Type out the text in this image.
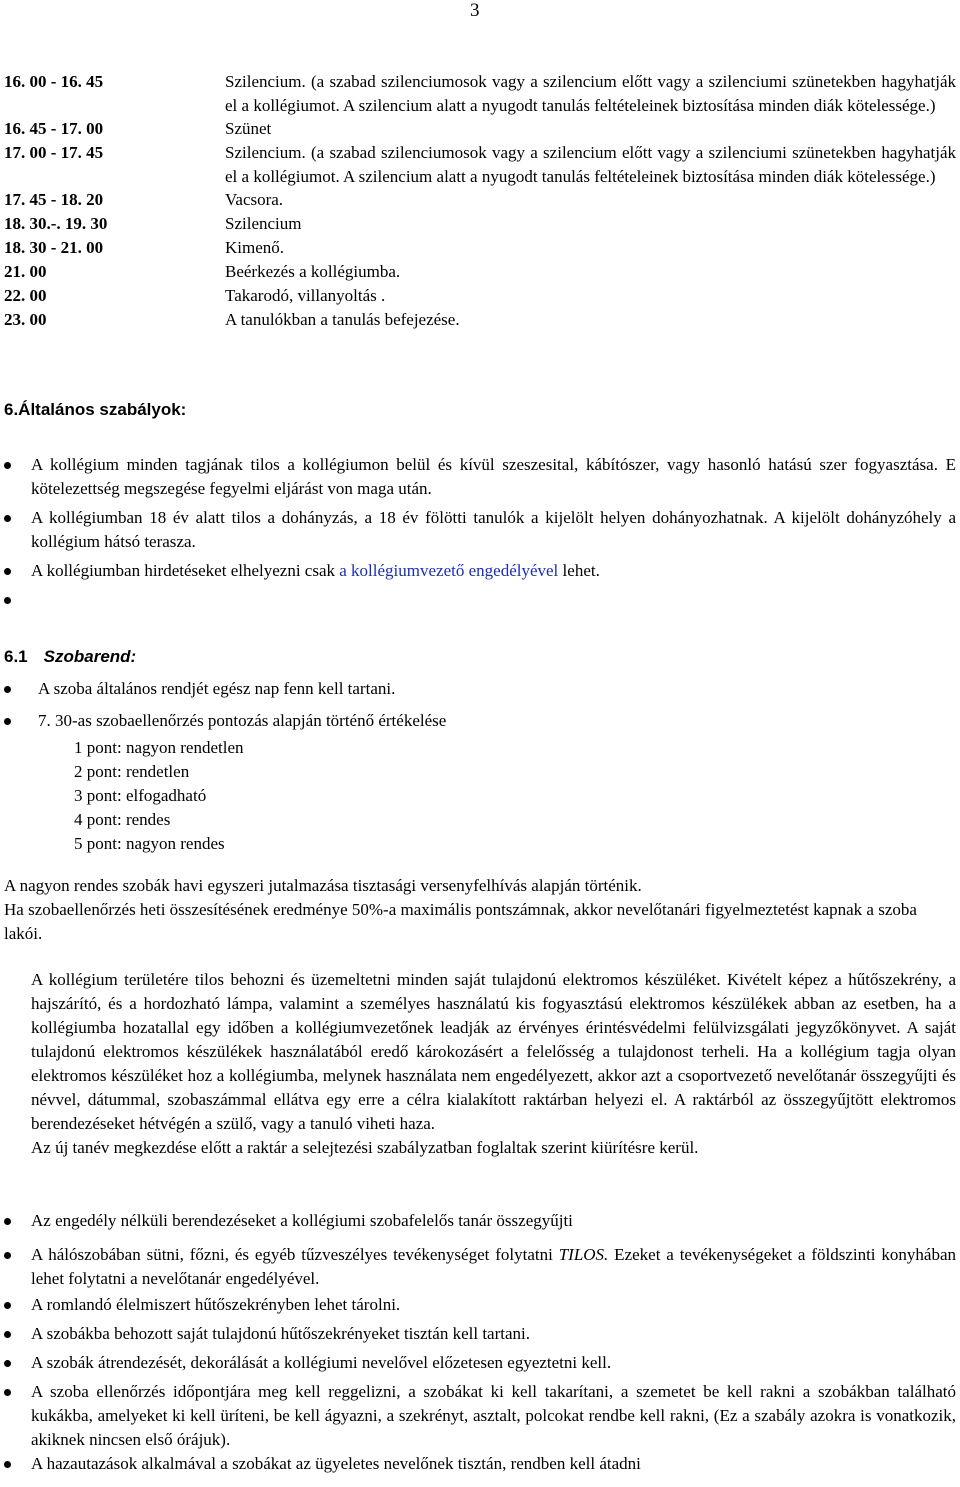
3
16. 00 - 16. 45	Szilencium. (a szabad szilenciumosok vagy a szilencium előtt vagy a szilenciumi szünetekben hagyhatják el a kollégiumot. A szilencium alatt a nyugodt tanulás feltételeinek biztosítása minden diák kötelessége.)
16. 45 - 17. 00	Szünet
17. 00 - 17. 45	Szilencium. (a szabad szilenciumosok vagy a szilencium előtt vagy a szilenciumi szünetekben hagyhatják el a kollégiumot. A szilencium alatt a nyugodt tanulás feltételeinek biztosítása minden diák kötelessége.)
17. 45 - 18. 20	Vacsora.
18. 30.-. 19. 30	Szilencium
18. 30 - 21. 00	Kimenő.
21. 00	Beérkezés a kollégiumba.
22. 00	Takarodó, villanyoltás .
23. 00	A tanulókban a tanulás befejezése.
6.Általános szabályok:
A kollégium minden tagjának tilos a kollégiumon belül és kívül szeszesital, kábítószer, vagy hasonló hatású szer fogyasztása. E kötelezettség megszegése fegyelmi eljárást von maga után.
A kollégiumban 18 év alatt tilos a dohányzás, a 18 év fölötti tanulók a kijelölt helyen dohányozhatnak. A kijelölt dohányzóhely a kollégium hátsó terasza.
A kollégiumban hirdetéseket elhelyezni csak a kollégiumvezető engedélyével lehet.

6.1 Szobarend:
A szoba általános rendjét egész nap fenn kell tartani.
7. 30-as szobaellenőrzés pontozás alapján történő értékelése
1 pont: nagyon rendetlen
2 pont: rendetlen
3 pont: elfogadható
4 pont: rendes
5 pont: nagyon rendes
A nagyon rendes szobák havi egyszeri jutalmazása tisztasági versenyfelhívás alapján történik.
Ha szobaellenőrzés heti összesítésének eredménye 50%-a maximális pontszámnak, akkor nevelőtanári figyelmeztetést kapnak a szoba lakói.

A kollégium területére tilos behozni és üzemeltetni minden saját tulajdonú elektromos készüléket. Kivételt képez a hűtőszekrény, a hajszárító, és a hordozható lámpa, valamint a személyes használatú kis fogyasztású elektromos készülékek abban az esetben, ha a kollégiumba hozatallal egy időben a kollégiumvezetőnek leadják az érvényes érintésvédelmi felülvizsgálati jegyzőkönyvet. A saját tulajdonú elektromos készülékek használatából eredő károkozásért a felelősség a tulajdonost terheli. Ha a kollégium tagja olyan elektromos készüléket hoz a kollégiumba, melynek használata nem engedélyezett, akkor azt a csoportvezető nevelőtanár összegyűjti és névvel, dátummal, szobaszámmal ellátva egy erre a célra kialakított raktárban helyezi el. A raktárból az összegyűjtött elektromos berendezéseket hétvégén a szülő, vagy a tanuló viheti haza.

Az új tanév megkezdése előtt a raktár a selejtezési szabályzatban foglaltak szerint kiürítésre kerül.

Az engedély nélküli berendezéseket a kollégiumi szobafelelős tanár összegyűjti
A hálószobában sütni, főzni, és egyéb tűzveszélyes tevékenységet folytatni TILOS. Ezeket a tevékenységeket a földszinti konyhában lehet folytatni a nevelőtanár engedélyével.
A romlandó élelmiszert hűtőszekrényben lehet tárolni.
A szobákba behozott saját tulajdonú hűtőszekrényeket tisztán kell tartani.
A szobák átrendezését, dekorálását a kollégiumi nevelővel előzetesen egyeztetni kell.
A szoba ellenőrzés időpontjára meg kell reggelizni, a szobákat ki kell takarítani, a szemetet be kell rakni a szobákban található kukákba, amelyeket ki kell üríteni, be kell ágyazni, a szekrényt, asztalt, polcokat rendbe kell rakni, (Ez a szabály azokra is vonatkozik, akiknek nincsen első órájuk).
A hazautazások alkalmával a szobákat az ügyeletes nevelőnek tisztán, rendben kell átadni
